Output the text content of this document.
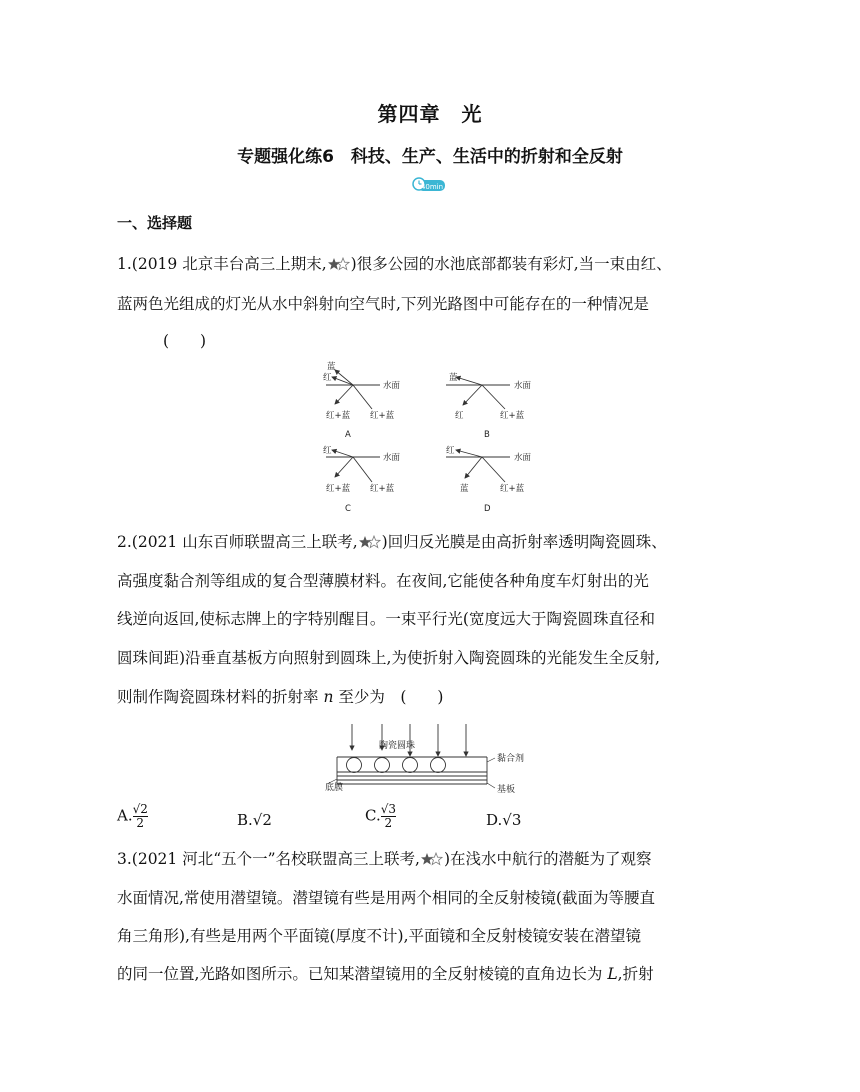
第四章　光
专题强化练6　科技、生产、生活中的折射和全反射
40min
一、选择题
1.(2019 北京丰台高三上期末, )很多公园的水池底部都装有彩灯,当一束由红、
蓝两色光组成的灯光从水中斜射向空气时,下列光路图中可能存在的一种情况是
(　　)
水面
蓝
红
红+蓝 红+蓝
A
水面
蓝
红	红+蓝
B
水面
红
红+蓝 红+蓝
C
水面
红
蓝	红+蓝
D
2.(2021 山东百师联盟高三上联考, )回归反光膜是由高折射率透明陶瓷圆珠、
高强度黏合剂等组成的复合型薄膜材料。在夜间,它能使各种角度车灯射出的光
线逆向返回,使标志牌上的字特别醒目。一束平行光(宽度远大于陶瓷圆珠直径和
圆珠间距)沿垂直基板方向照射到圆珠上,为使折射入陶瓷圆珠的光能发生全反射,
则制作陶瓷圆珠材料的折射率 n 至少为　(　　)
陶瓷圆珠
黏合剂
底膜	基板
A. $\frac{√2}{2}$	B.√2	C. $\frac{√3}{2}$	D.√3
3.(2021 河北“五个一”名校联盟高三上联考, )在浅水中航行的潜艇为了观察
水面情况,常使用潜望镜。潜望镜有些是用两个相同的全反射棱镜(截面为等腰直
角三角形),有些是用两个平面镜(厚度不计),平面镜和全反射棱镜安装在潜望镜
的同一位置,光路如图所示。已知某潜望镜用的全反射棱镜的直角边长为 L,折射
